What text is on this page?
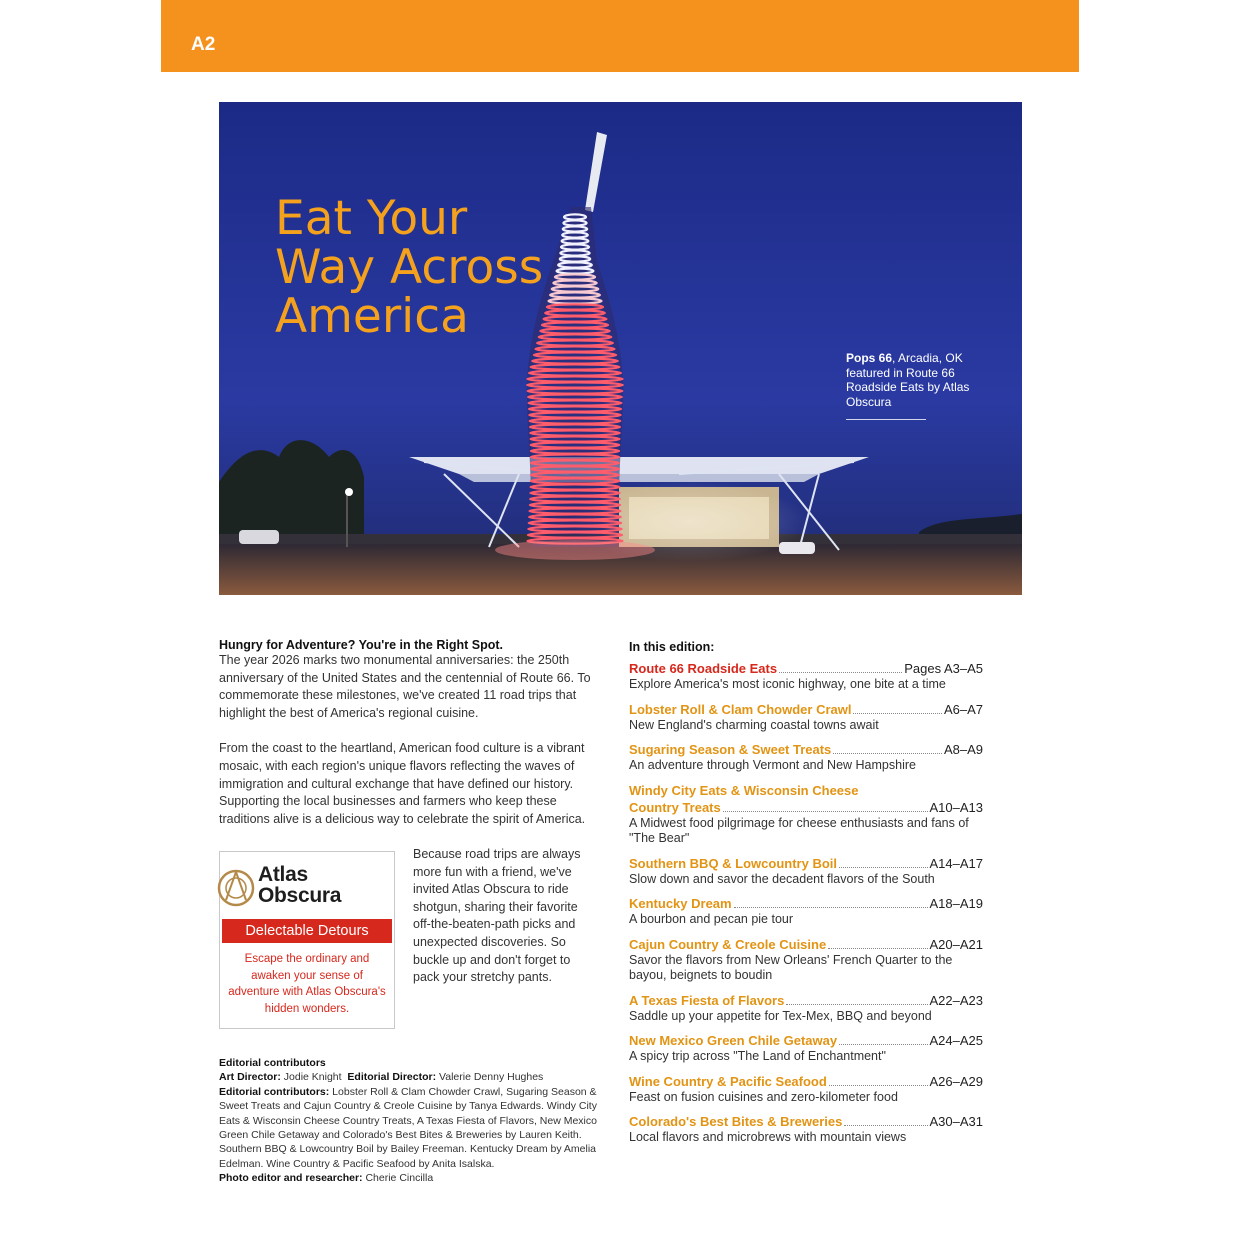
A2
Eat Your
Way Across
America
Pops 66, Arcadia, OK featured in Route 66 Roadside Eats by Atlas Obscura

Hungry for Adventure? You're in the Right Spot.

The year 2026 marks two monumental anniversaries: the 250th anniversary of the United States and the centennial of Route 66. To commemorate these milestones, we've created 11 road trips that highlight the best of America's regional cuisine.

From the coast to the heartland, American food culture is a vibrant mosaic, with each region's unique flavors reflecting the waves of immigration and cultural exchange that have defined our history. Supporting the local businesses and farmers who keep these traditions alive is a delicious way to celebrate the spirit of America.

Atlas
Obscura
Delectable Detours
Escape the ordinary and awaken your sense of adventure with Atlas Obscura's hidden wonders.

Because road trips are always more fun with a friend, we've invited Atlas Obscura to ride shotgun, sharing their favorite off-the-beaten-path picks and unexpected discoveries. So buckle up and don't forget to pack your stretchy pants.

Editorial contributors
Art Director: Jodie Knight Editorial Director: Valerie Denny Hughes
Editorial contributors: Lobster Roll & Clam Chowder Crawl, Sugaring Season & Sweet Treats and Cajun Country & Creole Cuisine by Tanya Edwards. Windy City Eats & Wisconsin Cheese Country Treats, A Texas Fiesta of Flavors, New Mexico Green Chile Getaway and Colorado's Best Bites & Breweries by Lauren Keith. Southern BBQ & Lowcountry Boil by Bailey Freeman. Kentucky Dream by Amelia Edelman. Wine Country & Pacific Seafood by Anita Isalska.
Photo editor and researcher: Cherie Cincilla

In this edition:

Route 66 Roadside Eats	Pages A3–A5
Explore America's most iconic highway, one bite at a time
Lobster Roll & Clam Chowder Crawl	A6–A7
New England's charming coastal towns await
Sugaring Season & Sweet Treats	A8–A9
An adventure through Vermont and New Hampshire
Windy City Eats & Wisconsin Cheese
Country Treats	A10–A13
A Midwest food pilgrimage for cheese enthusiasts and fans of "The Bear"
Southern BBQ & Lowcountry Boil	A14–A17
Slow down and savor the decadent flavors of the South
Kentucky Dream	A18–A19
A bourbon and pecan pie tour
Cajun Country & Creole Cuisine	A20–A21
Savor the flavors from New Orleans' French Quarter to the bayou, beignets to boudin
A Texas Fiesta of Flavors	A22–A23
Saddle up your appetite for Tex-Mex, BBQ and beyond
New Mexico Green Chile Getaway	A24–A25
A spicy trip across "The Land of Enchantment"
Wine Country & Pacific Seafood	A26–A29
Feast on fusion cuisines and zero-kilometer food
Colorado's Best Bites & Breweries	A30–A31
Local flavors and microbrews with mountain views
